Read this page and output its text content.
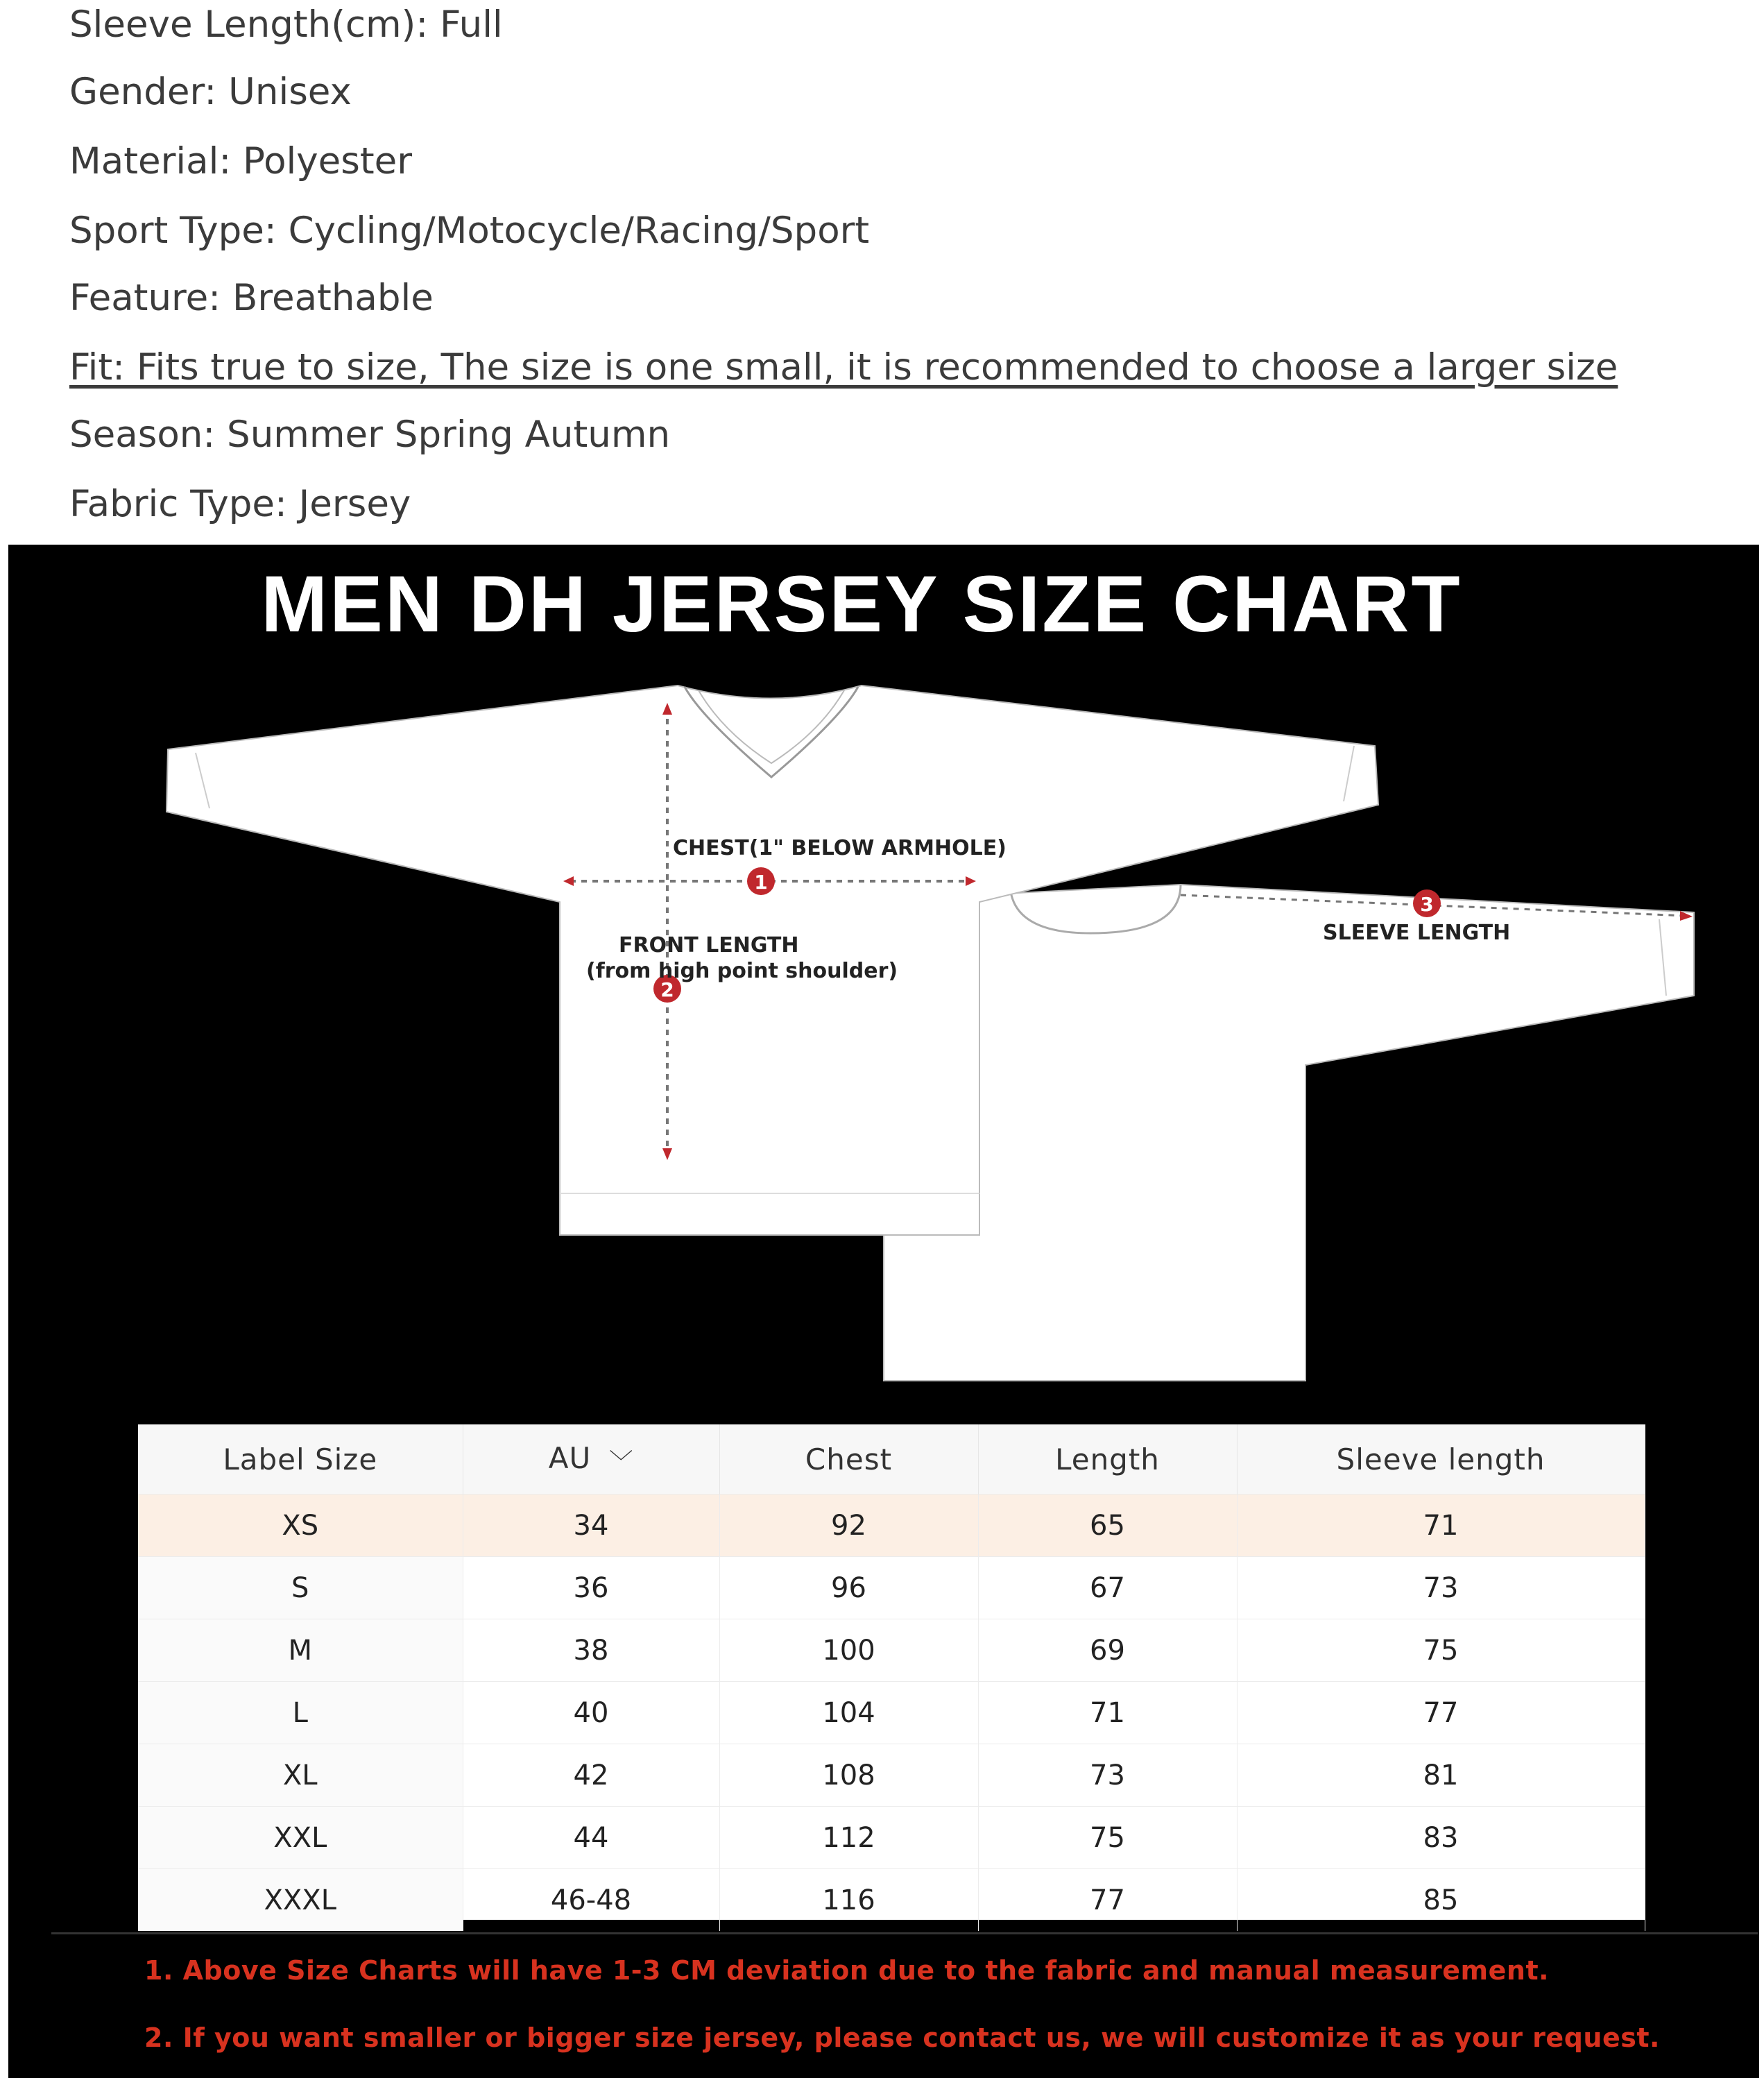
Sleeve Length(cm): Full
Gender: Unisex
Material: Polyester
Sport Type: Cycling/Motocycle/Racing/Sport
Feature: Breathable
Fit: Fits true to size, The size is one small, it is recommended to choose a larger size
Season: Summer Spring Autumn
Fabric Type: Jersey
MEN DH JERSEY SIZE CHART
1
2
3
CHEST(1" BELOW ARMHOLE)
FRONT LENGTH
(from high point shoulder)
SLEEVE LENGTH
Label Size	AU ﹀	Chest	Length	Sleeve length
XS	34	92	65	71
S	36	96	67	73
M	38	100	69	75
L	40	104	71	77
XL	42	108	73	81
XXL	44	112	75	83
XXXL	46-48	116	77	85
1. Above Size Charts will have 1-3 CM deviation due to the fabric and manual measurement.
2. If you want smaller or bigger size jersey, please contact us, we will customize it as your request.
